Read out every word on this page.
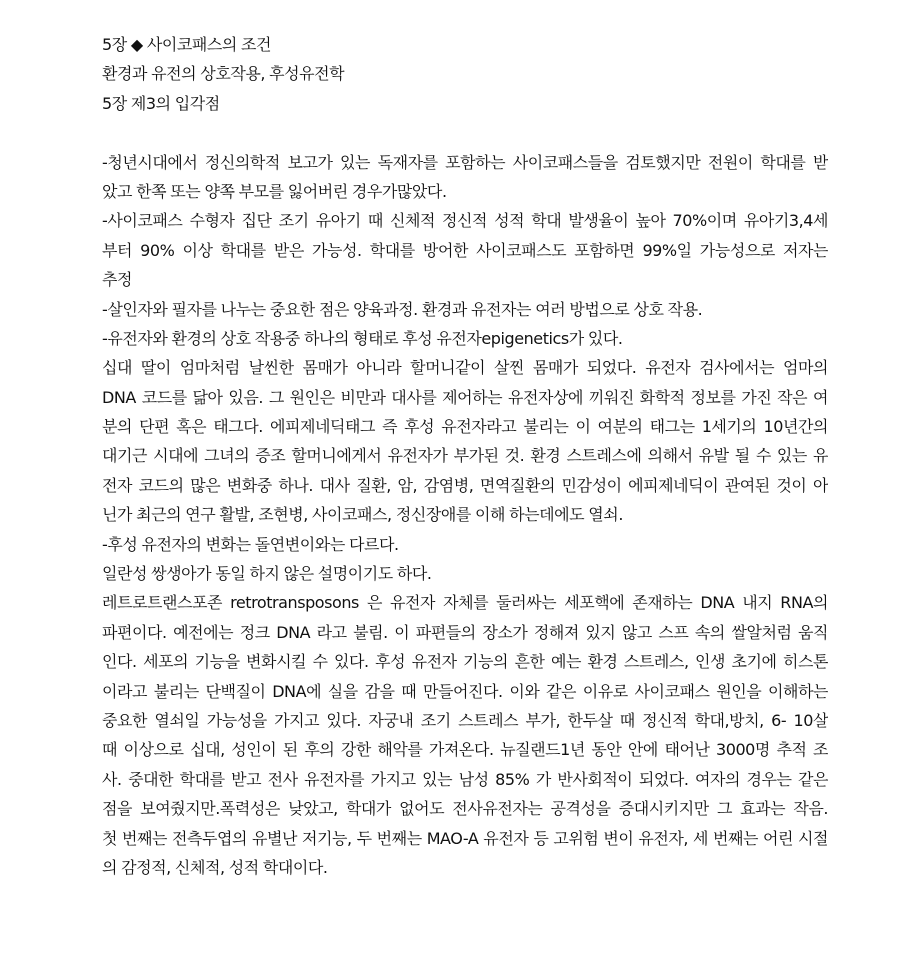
5장 ◆ 사이코패스의 조건
환경과 유전의 상호작용, 후성유전학
5장 제3의 입각점
-청년시대에서 정신의학적 보고가 있는 독재자를 포함하는 사이코패스들을 검토했지만 전원이 학대를 받
았고 한쪽 또는 양쪽 부모를 잃어버린 경우가많았다.
-사이코패스 수형자 집단 조기 유아기 때 신체적 정신적 성적 학대 발생율이 높아 70%이며 유아기3,4세
부터 90% 이상 학대를 받은 가능성. 학대를 방어한 사이코패스도 포함하면 99%일 가능성으로 저자는
추정
-살인자와 필자를 나누는 중요한 점은 양육과정. 환경과 유전자는 여러 방법으로 상호 작용.
-유전자와 환경의 상호 작용중 하나의 형태로 후성 유전자epigenetics가 있다.
십대 딸이 엄마처럼 날씬한 몸매가 아니라 할머니같이 살찐 몸매가 되었다. 유전자 검사에서는 엄마의
DNA 코드를 닮아 있음. 그 원인은 비만과 대사를 제어하는 유전자상에 끼워진 화학적 정보를 가진 작은 여
분의 단편 혹은 태그다. 에피제네딕태그 즉 후성 유전자라고 불리는 이 여분의 태그는 1세기의 10년간의
대기근 시대에 그녀의 증조 할머니에게서 유전자가 부가된 것. 환경 스트레스에 의해서 유발 될 수 있는 유
전자 코드의 많은 변화중 하나. 대사 질환, 암, 감염병, 면역질환의 민감성이 에피제네딕이 관여된 것이 아
닌가 최근의 연구 활발, 조현병, 사이코패스, 정신장애를 이해 하는데에도 열쇠.
-후성 유전자의 변화는 돌연변이와는 다르다.
일란성 쌍생아가 동일 하지 않은 설명이기도 하다.
레트로트랜스포존 retrotransposons 은 유전자 자체를 둘러싸는 세포핵에 존재하는 DNA 내지 RNA의
파편이다. 예전에는 정크 DNA 라고 불림. 이 파편들의 장소가 정해져 있지 않고 스프 속의 쌀알처럼 움직
인다. 세포의 기능을 변화시킬 수 있다. 후성 유전자 기능의 흔한 예는 환경 스트레스, 인생 초기에 히스톤
이라고 불리는 단백질이 DNA에 실을 감을 때 만들어진다. 이와 같은 이유로 사이코패스 원인을 이해하는
중요한 열쇠일 가능성을 가지고 있다. 자궁내 조기 스트레스 부가, 한두살 때 정신적 학대,방치, 6- 10살
때 이상으로 십대, 성인이 된 후의 강한 해악를 가져온다. 뉴질랜드1년 동안 안에 태어난 3000명 추적 조
사. 중대한 학대를 받고 전사 유전자를 가지고 있는 남성 85% 가 반사회적이 되었다. 여자의 경우는 같은
점을 보여줬지만.폭력성은 낮았고, 학대가 없어도 전사유전자는 공격성을 증대시키지만 그 효과는 작음.
첫 번째는 전측두엽의 유별난 저기능, 두 번째는 MAO-A 유전자 등 고위험 변이 유전자, 세 번째는 어린 시절
의 감정적, 신체적, 성적 학대이다.
